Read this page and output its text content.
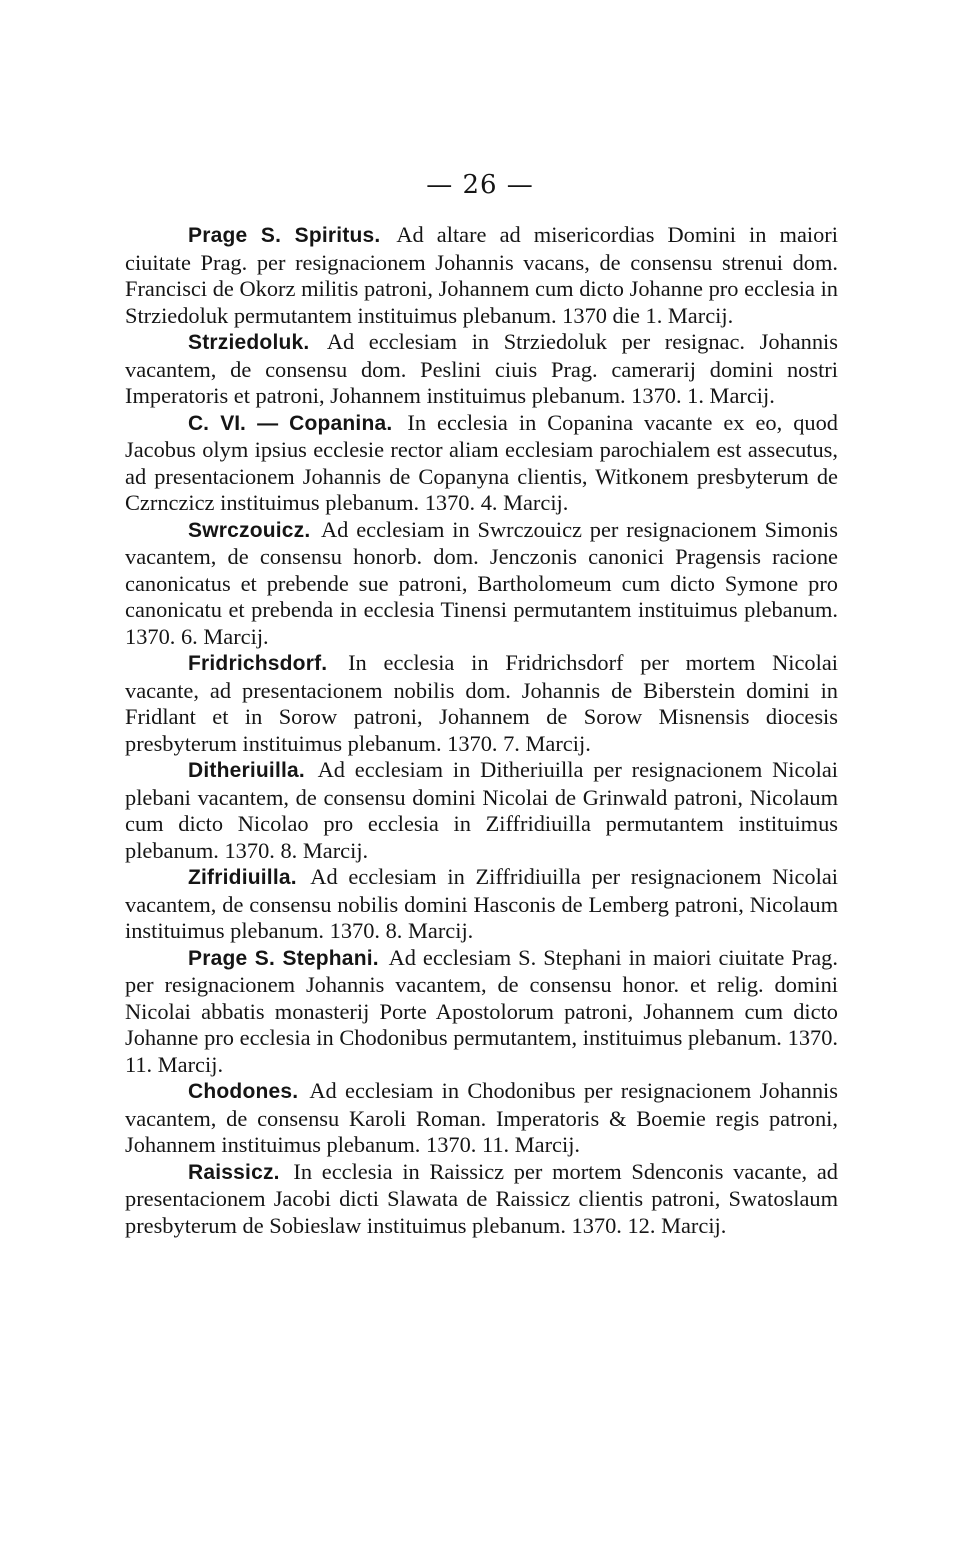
— 26 —

Prage S. Spiritus. Ad altare ad misericordias Domini in maiori ciuitate Prag. per resignacionem Johannis vacans, de consensu strenui dom. Francisci de Okorz militis patroni, Johannem cum dicto Johanne pro ecclesia in Strziedoluk permutantem instituimus plebanum. 1370 die 1. Marcij.

Strziedoluk. Ad ecclesiam in Strziedoluk per resignac. Johannis vacantem, de consensu dom. Peslini ciuis Prag. camerarij domini nostri Imperatoris et patroni, Johannem instituimus plebanum. 1370. 1. Marcij.

C. VI. — Copanina. In ecclesia in Copanina vacante ex eo, quod Jacobus olym ipsius ecclesie rector aliam ecclesiam parochialem est assecutus, ad presentacionem Johannis de Copanyna clientis, Witkonem presbyterum de Czrnczicz instituimus plebanum. 1370. 4. Marcij.

Swrczouicz. Ad ecclesiam in Swrczouicz per resignacionem Simonis vacantem, de consensu honorb. dom. Jenczonis canonici Pragensis racione canonicatus et prebende sue patroni, Bartholomeum cum dicto Symone pro canonicatu et prebenda in ecclesia Tinensi permutantem instituimus plebanum. 1370. 6. Marcij.

Fridrichsdorf. In ecclesia in Fridrichsdorf per mortem Nicolai vacante, ad presentacionem nobilis dom. Johannis de Biberstein domini in Fridlant et in Sorow patroni, Johannem de Sorow Misnensis diocesis presbyterum instituimus plebanum. 1370. 7. Marcij.

Ditheriuilla. Ad ecclesiam in Ditheriuilla per resignacionem Nicolai plebani vacantem, de consensu domini Nicolai de Grinwald patroni, Nicolaum cum dicto Nicolao pro ecclesia in Ziffridiuilla permutantem instituimus plebanum. 1370. 8. Marcij.

Zifridiuilla. Ad ecclesiam in Ziffridiuilla per resignacionem Nicolai vacantem, de consensu nobilis domini Hasconis de Lemberg patroni, Nicolaum instituimus plebanum. 1370. 8. Marcij.

Prage S. Stephani. Ad ecclesiam S. Stephani in maiori ciuitate Prag. per resignacionem Johannis vacantem, de consensu honor. et relig. domini Nicolai abbatis monasterij Porte Apostolorum patroni, Johannem cum dicto Johanne pro ecclesia in Chodonibus permutantem, instituimus plebanum. 1370. 11. Marcij.

Chodones. Ad ecclesiam in Chodonibus per resignacionem Johannis vacantem, de consensu Karoli Roman. Imperatoris & Boemie regis patroni, Johannem instituimus plebanum. 1370. 11. Marcij.

Raissicz. In ecclesia in Raissicz per mortem Sdenconis vacante, ad presentacionem Jacobi dicti Slawata de Raissicz clientis patroni, Swatoslaum presbyterum de Sobieslaw instituimus plebanum. 1370. 12. Marcij.
